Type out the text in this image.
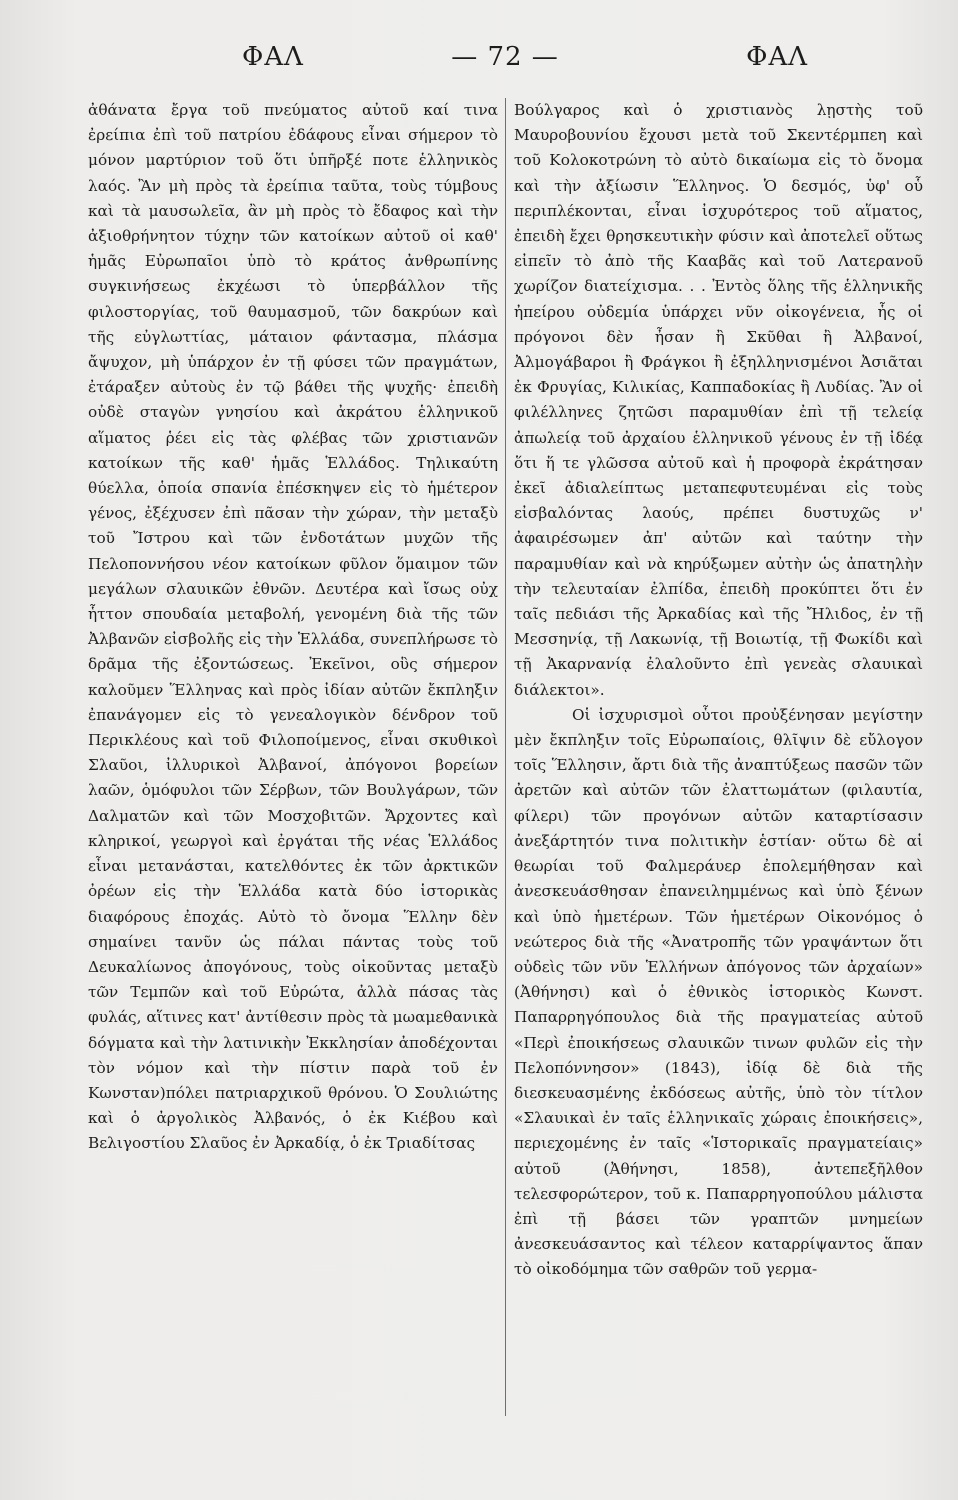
ΦΑΛ	— 72 —	ΦΑΛ

ἀθάνατα ἔργα τοῦ πνεύματος αὐτοῦ καί τινα ἐρείπια ἐπὶ τοῦ πατρίου ἐδάφους εἶναι σήμερον τὸ μόνον μαρτύριον τοῦ ὅτι ὑπῆρξέ ποτε ἑλληνικὸς λαός. Ἂν μὴ πρὸς τὰ ἐρείπια ταῦτα, τοὺς τύμβους καὶ τὰ μαυσωλεῖα, ἂν μὴ πρὸς τὸ ἔδαφος καὶ τὴν ἀξιοθρήνητον τύχην τῶν κατοίκων αὐτοῦ οἱ καθ' ἡμᾶς Εὐρωπαῖοι ὑπὸ τὸ κράτος ἀνθρωπίνης συγκινήσεως ἐκχέωσι τὸ ὑπερβάλλον τῆς φιλοστοργίας, τοῦ θαυμασμοῦ, τῶν δακρύων καὶ τῆς εὐγλωττίας, μάταιον φάντασμα, πλάσμα ἄψυχον, μὴ ὑπάρχον ἐν τῇ φύσει τῶν πραγμάτων, ἐτάραξεν αὐτοὺς ἐν τῷ βάθει τῆς ψυχῆς· ἐπειδὴ οὐδὲ σταγὼν γνησίου καὶ ἀκράτου ἑλληνικοῦ αἵματος ῥέει εἰς τὰς φλέβας τῶν χριστιανῶν κατοίκων τῆς καθ' ἡμᾶς Ἑλλάδος. Τηλικαύτη θύελλα, ὁποία σπανία ἐπέσκηψεν εἰς τὸ ἡμέτερον γένος, ἐξέχυσεν ἐπὶ πᾶσαν τὴν χώραν, τὴν μεταξὺ τοῦ Ἴστρου καὶ τῶν ἐνδοτάτων μυχῶν τῆς Πελοποννήσου νέον κατοίκων φῦλον ὅμαιμον τῶν μεγάλων σλαυικῶν ἐθνῶν. Δευτέρα καὶ ἴσως οὐχ ἧττον σπουδαία μεταβολή, γενομένη διὰ τῆς τῶν Ἀλβανῶν εἰσβολῆς εἰς τὴν Ἑλλάδα, συνεπλήρωσε τὸ δρᾶμα τῆς ἐξοντώσεως. Ἐκεῖνοι, οὓς σήμερον καλοῦμεν Ἕλληνας καὶ πρὸς ἰδίαν αὐτῶν ἔκπληξιν ἐπανάγομεν εἰς τὸ γενεαλογικὸν δένδρον τοῦ Περικλέους καὶ τοῦ Φιλοποίμενος, εἶναι σκυθικοὶ Σλαῦοι, ἰλλυρικοὶ Ἀλβανοί, ἀπόγονοι βορείων λαῶν, ὁμόφυλοι τῶν Σέρβων, τῶν Βουλγάρων, τῶν Δαλματῶν καὶ τῶν Μοσχοβιτῶν. Ἄρχοντες καὶ κληρικοί, γεωργοὶ καὶ ἐργάται τῆς νέας Ἑλλάδος εἶναι μετανάσται, κατελθόντες ἐκ τῶν ἀρκτικῶν ὀρέων εἰς τὴν Ἑλλάδα κατὰ δύο ἱστορικὰς διαφόρους ἐποχάς. Αὐτὸ τὸ ὄνομα Ἕλλην δὲν σημαίνει τανῦν ὡς πάλαι πάντας τοὺς τοῦ Δευκαλίωνος ἀπογόνους, τοὺς οἰκοῦντας μεταξὺ τῶν Τεμπῶν καὶ τοῦ Εὐρώτα, ἀλλὰ πάσας τὰς φυλάς, αἵτινες κατ' ἀντίθεσιν πρὸς τὰ μωαμεθανικὰ δόγματα καὶ τὴν λατινικὴν Ἐκκλησίαν ἀποδέχονται τὸν νόμον καὶ τὴν πίστιν παρὰ τοῦ ἐν Κωνσταν)πόλει πατριαρχικοῦ θρόνου. Ὁ Σουλιώτης καὶ ὁ ἀργολικὸς Ἀλβανός, ὁ ἐκ Κιέβου καὶ Βελιγοστίου Σλαῦος ἐν Ἀρκαδίᾳ, ὁ ἐκ Τριαδίτσας

Βούλγαρος καὶ ὁ χριστιανὸς λῃστὴς τοῦ Μαυροβουνίου ἔχουσι μετὰ τοῦ Σκεντέρμπεη καὶ τοῦ Κολοκοτρώνη τὸ αὐτὸ δικαίωμα εἰς τὸ ὄνομα καὶ τὴν ἀξίωσιν Ἕλληνος. Ὁ δεσμός, ὑφ' οὗ περιπλέκονται, εἶναι ἰσχυρότερος τοῦ αἵματος, ἐπειδὴ ἔχει θρησκευτικὴν φύσιν καὶ ἀποτελεῖ οὕτως εἰπεῖν τὸ ἀπὸ τῆς Κααβᾶς καὶ τοῦ Λατερανοῦ χωρίζον διατείχισμα. . . Ἐντὸς ὅλης τῆς ἑλληνικῆς ἠπείρου οὐδεμία ὑπάρχει νῦν οἰκογένεια, ἧς οἱ πρόγονοι δὲν ἦσαν ἢ Σκῦθαι ἢ Ἀλβανοί, Ἀλμογάβαροι ἢ Φράγκοι ἢ ἐξηλληνισμένοι Ἀσιᾶται ἐκ Φρυγίας, Κιλικίας, Καππαδοκίας ἢ Λυδίας. Ἂν οἱ φιλέλληνες ζητῶσι παραμυθίαν ἐπὶ τῇ τελείᾳ ἀπωλείᾳ τοῦ ἀρχαίου ἑλληνικοῦ γένους ἐν τῇ ἰδέᾳ ὅτι ἥ τε γλῶσσα αὐτοῦ καὶ ἡ προφορὰ ἐκράτησαν ἐκεῖ ἀδιαλείπτως μεταπεφυτευμέναι εἰς τοὺς εἰσβαλόντας λαούς, πρέπει δυστυχῶς ν' ἀφαιρέσωμεν ἀπ' αὐτῶν καὶ ταύτην τὴν παραμυθίαν καὶ νὰ κηρύξωμεν αὐτὴν ὡς ἀπατηλὴν τὴν τελευταίαν ἐλπίδα, ἐπειδὴ προκύπτει ὅτι ἐν ταῖς πεδιάσι τῆς Ἀρκαδίας καὶ τῆς Ἤλιδος, ἐν τῇ Μεσσηνίᾳ, τῇ Λακωνίᾳ, τῇ Βοιωτίᾳ, τῇ Φωκίδι καὶ τῇ Ἀκαρνανίᾳ ἐλαλοῦντο ἐπὶ γενεὰς σλαυικαὶ διάλεκτοι».

Οἱ ἰσχυρισμοὶ οὗτοι προὐξένησαν μεγίστην μὲν ἔκπληξιν τοῖς Εὐρωπαίοις, θλῖψιν δὲ εὔλογον τοῖς Ἕλλησιν, ἄρτι διὰ τῆς ἀναπτύξεως πασῶν τῶν ἀρετῶν καὶ αὐτῶν τῶν ἐλαττωμάτων (φιλαυτία, φίλερι) τῶν προγόνων αὐτῶν καταρτίσασιν ἀνεξάρτητόν τινα πολιτικὴν ἑστίαν· οὕτω δὲ αἱ θεωρίαι τοῦ Φαλμεράυερ ἐπολεμήθησαν καὶ ἀνεσκευάσθησαν ἐπανειλημμένως καὶ ὑπὸ ξένων καὶ ὑπὸ ἡμετέρων. Τῶν ἡμετέρων Οἰκονόμος ὁ νεώτερος διὰ τῆς «Ἀνατροπῆς τῶν γραψάντων ὅτι οὐδεὶς τῶν νῦν Ἑλλήνων ἀπόγονος τῶν ἀρχαίων» (Ἀθήνησι) καὶ ὁ ἐθνικὸς ἱστορικὸς Κωνστ. Παπαρρηγόπουλος διὰ τῆς πραγματείας αὐτοῦ «Περὶ ἐποικήσεως σλαυικῶν τινων φυλῶν εἰς τὴν Πελοπόννησον» (1843), ἰδίᾳ δὲ διὰ τῆς διεσκευασμένης ἐκδόσεως αὐτῆς, ὑπὸ τὸν τίτλον «Σλαυικαὶ ἐν ταῖς ἑλληνικαῖς χώραις ἐποικήσεις», περιεχομένης ἐν ταῖς «Ἱστορικαῖς πραγματείαις» αὐτοῦ (Ἀθήνησι, 1858), ἀντεπεξῆλθον τελεσφορώτερον, τοῦ κ. Παπαρρηγοπούλου μάλιστα ἐπὶ τῇ βάσει τῶν γραπτῶν μνημείων ἀνεσκευάσαντος καὶ τέλεον καταρρίψαντος ἅπαν τὸ οἰκοδόμημα τῶν σαθρῶν τοῦ γερμα-
